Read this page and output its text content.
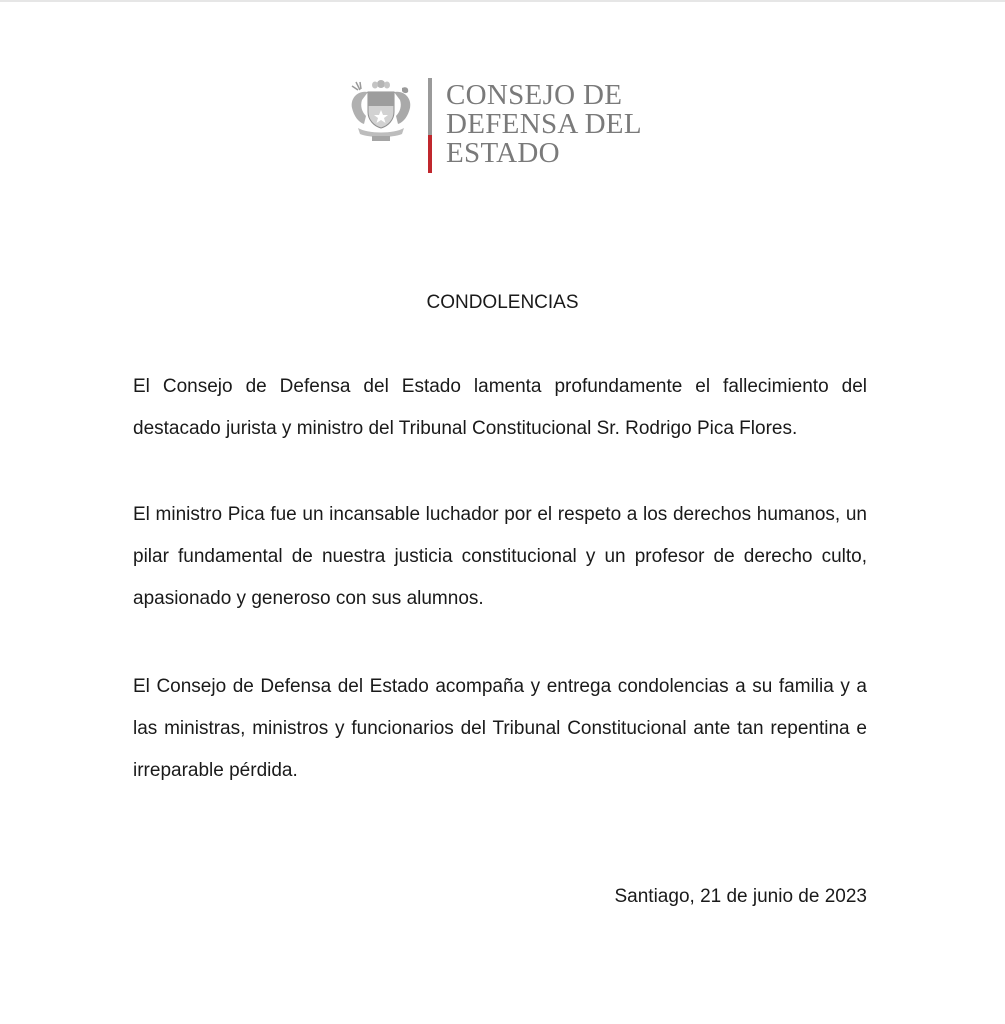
CONSEJO DE
DEFENSA DEL
ESTADO
CONDOLENCIAS
El Consejo de Defensa del Estado lamenta profundamente el fallecimiento del destacado jurista y ministro del Tribunal Constitucional Sr. Rodrigo Pica Flores.
El ministro Pica fue un incansable luchador por el respeto a los derechos humanos, un pilar fundamental de nuestra justicia constitucional y un profesor de derecho culto, apasionado y generoso con sus alumnos.
El Consejo de Defensa del Estado acompaña y entrega condolencias a su familia y a las ministras, ministros y funcionarios del Tribunal Constitucional ante tan repentina e irreparable pérdida.
Santiago, 21 de junio de 2023
